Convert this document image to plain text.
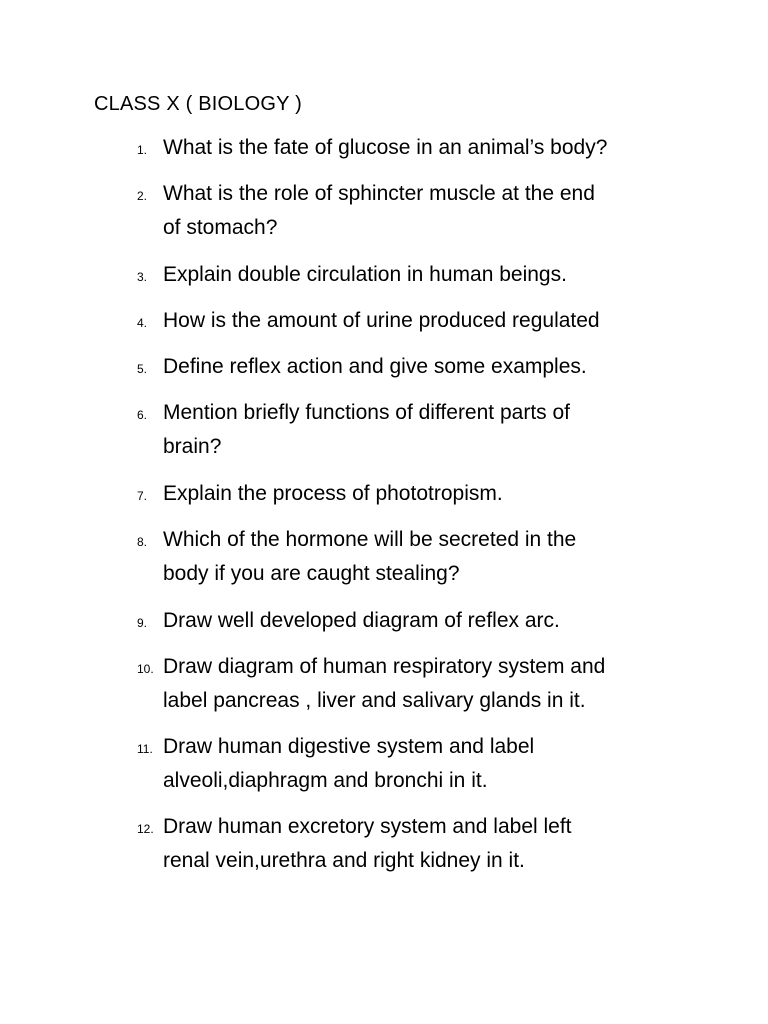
CLASS X ( BIOLOGY )
1. What is the fate of glucose in an animal’s body?
2. What is the role of sphincter muscle at the end
of stomach?
3. Explain double circulation in human beings.
4. How is the amount of urine produced regulated
5. Define reflex action and give some examples.
6. Mention briefly functions of different parts of
brain?
7. Explain the process of phototropism.
8. Which of the hormone will be secreted in the
body if you are caught stealing?
9. Draw well developed diagram of reflex arc.
10. Draw diagram of human respiratory system and
label pancreas , liver and salivary glands in it.
11. Draw human digestive system and label
alveoli,diaphragm and bronchi in it.
12. Draw human excretory system and label left
renal vein,urethra and right kidney in it.
